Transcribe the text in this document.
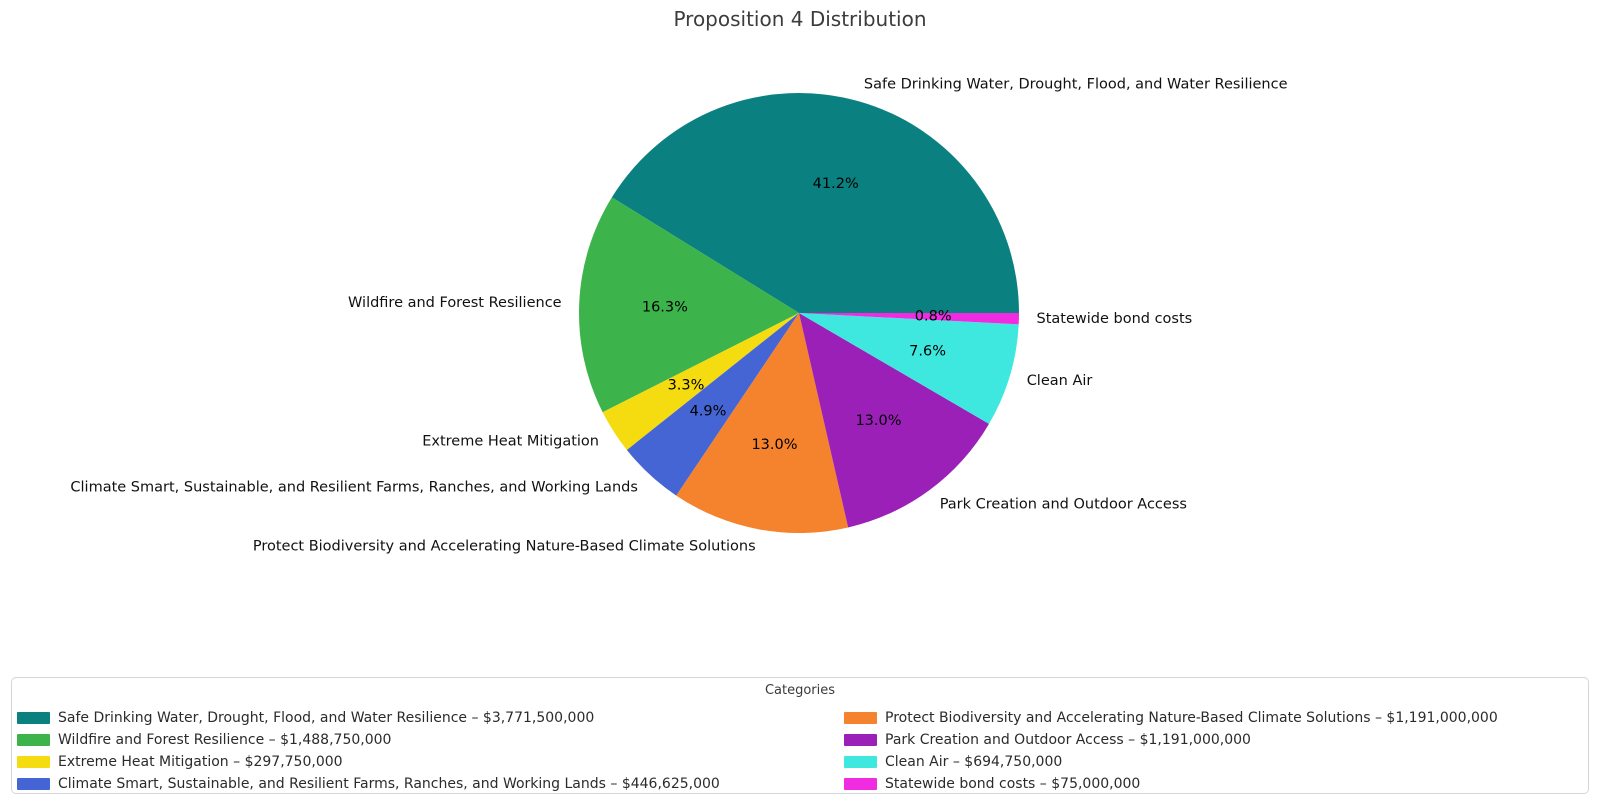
Proposition 4 Distribution
41.2%
Safe Drinking Water, Drought, Flood, and Water Resilience
16.3%
Wildfire and Forest Resilience
3.3%
Extreme Heat Mitigation
4.9%
Climate Smart, Sustainable, and Resilient Farms, Ranches, and Working Lands
13.0%
Protect Biodiversity and Accelerating Nature-Based Climate Solutions
13.0%
Park Creation and Outdoor Access
7.6%
Clean Air
0.8%	Statewide bond costs
Categories
Safe Drinking Water, Drought, Flood, and Water Resilience – $3,771,500,000
Wildfire and Forest Resilience – $1,488,750,000
Extreme Heat Mitigation – $297,750,000
Climate Smart, Sustainable, and Resilient Farms, Ranches, and Working Lands – $446,625,000
Protect Biodiversity and Accelerating Nature-Based Climate Solutions – $1,191,000,000
Park Creation and Outdoor Access – $1,191,000,000
Clean Air – $694,750,000
Statewide bond costs – $75,000,000
